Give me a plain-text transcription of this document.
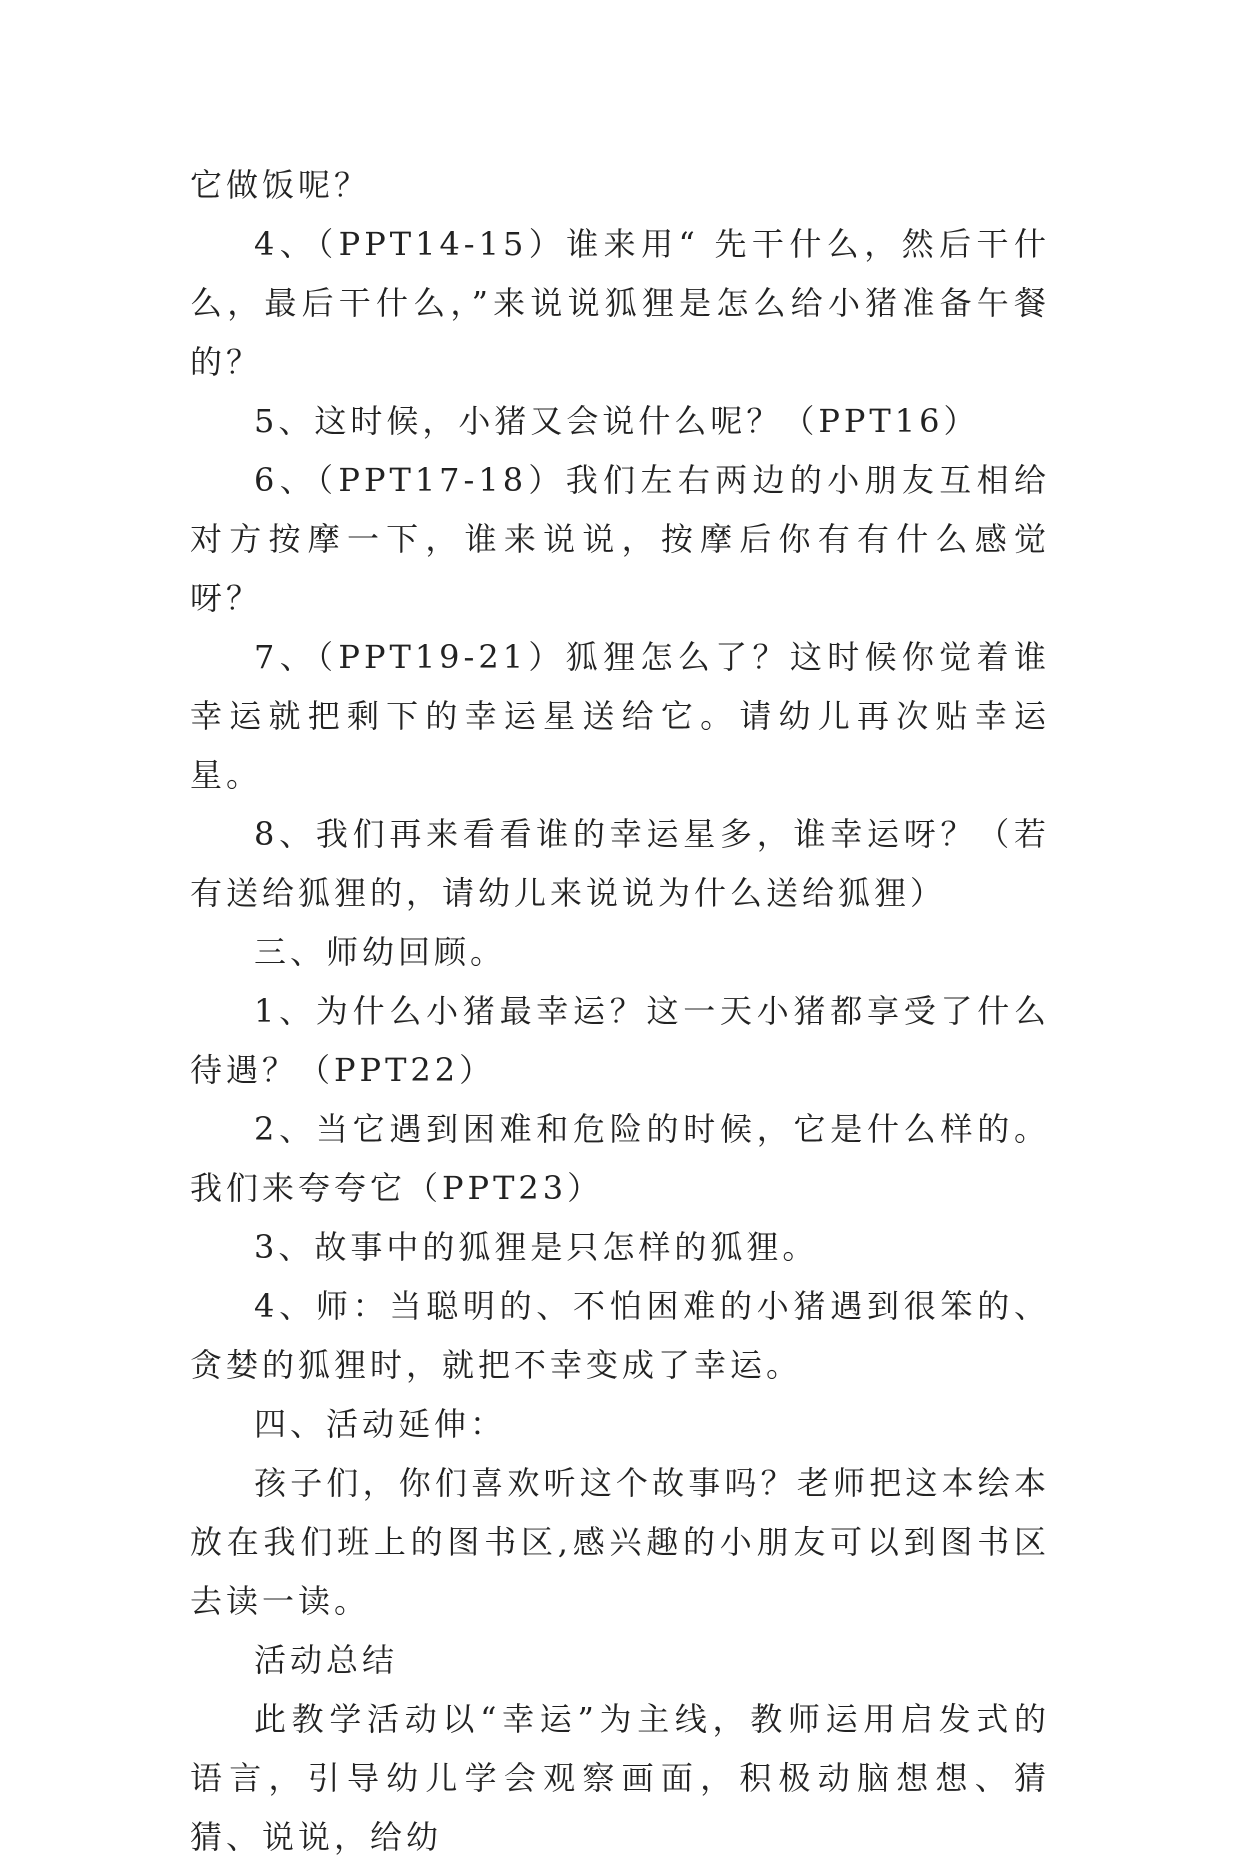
它做饭呢？

4、（PPT14-15）谁来用“ 先干什么，然后干什么，最后干什么，”来说说狐狸是怎么给小猪准备午餐的？

5、这时候，小猪又会说什么呢？（PPT16）

6、（PPT17-18）我们左右两边的小朋友互相给对方按摩一下，谁来说说，按摩后你有有什么感觉呀？

7、（PPT19-21）狐狸怎么了？这时候你觉着谁幸运就把剩下的幸运星送给它。请幼儿再次贴幸运星。

8、我们再来看看谁的幸运星多，谁幸运呀？（若有送给狐狸的，请幼儿来说说为什么送给狐狸）

三、师幼回顾。

1、为什么小猪最幸运？这一天小猪都享受了什么待遇？（PPT22）

2、当它遇到困难和危险的时候，它是什么样的。我们来夸夸它（PPT23）

3、故事中的狐狸是只怎样的狐狸。

4、师：当聪明的、不怕困难的小猪遇到很笨的、贪婪的狐狸时，就把不幸变成了幸运。

四、活动延伸：

孩子们，你们喜欢听这个故事吗？老师把这本绘本放在我们班上的图书区,感兴趣的小朋友可以到图书区去读一读。

活动总结

此教学活动以“幸运”为主线，教师运用启发式的语言，引导幼儿学会观察画面，积极动脑想想、猜猜、说说，给幼
